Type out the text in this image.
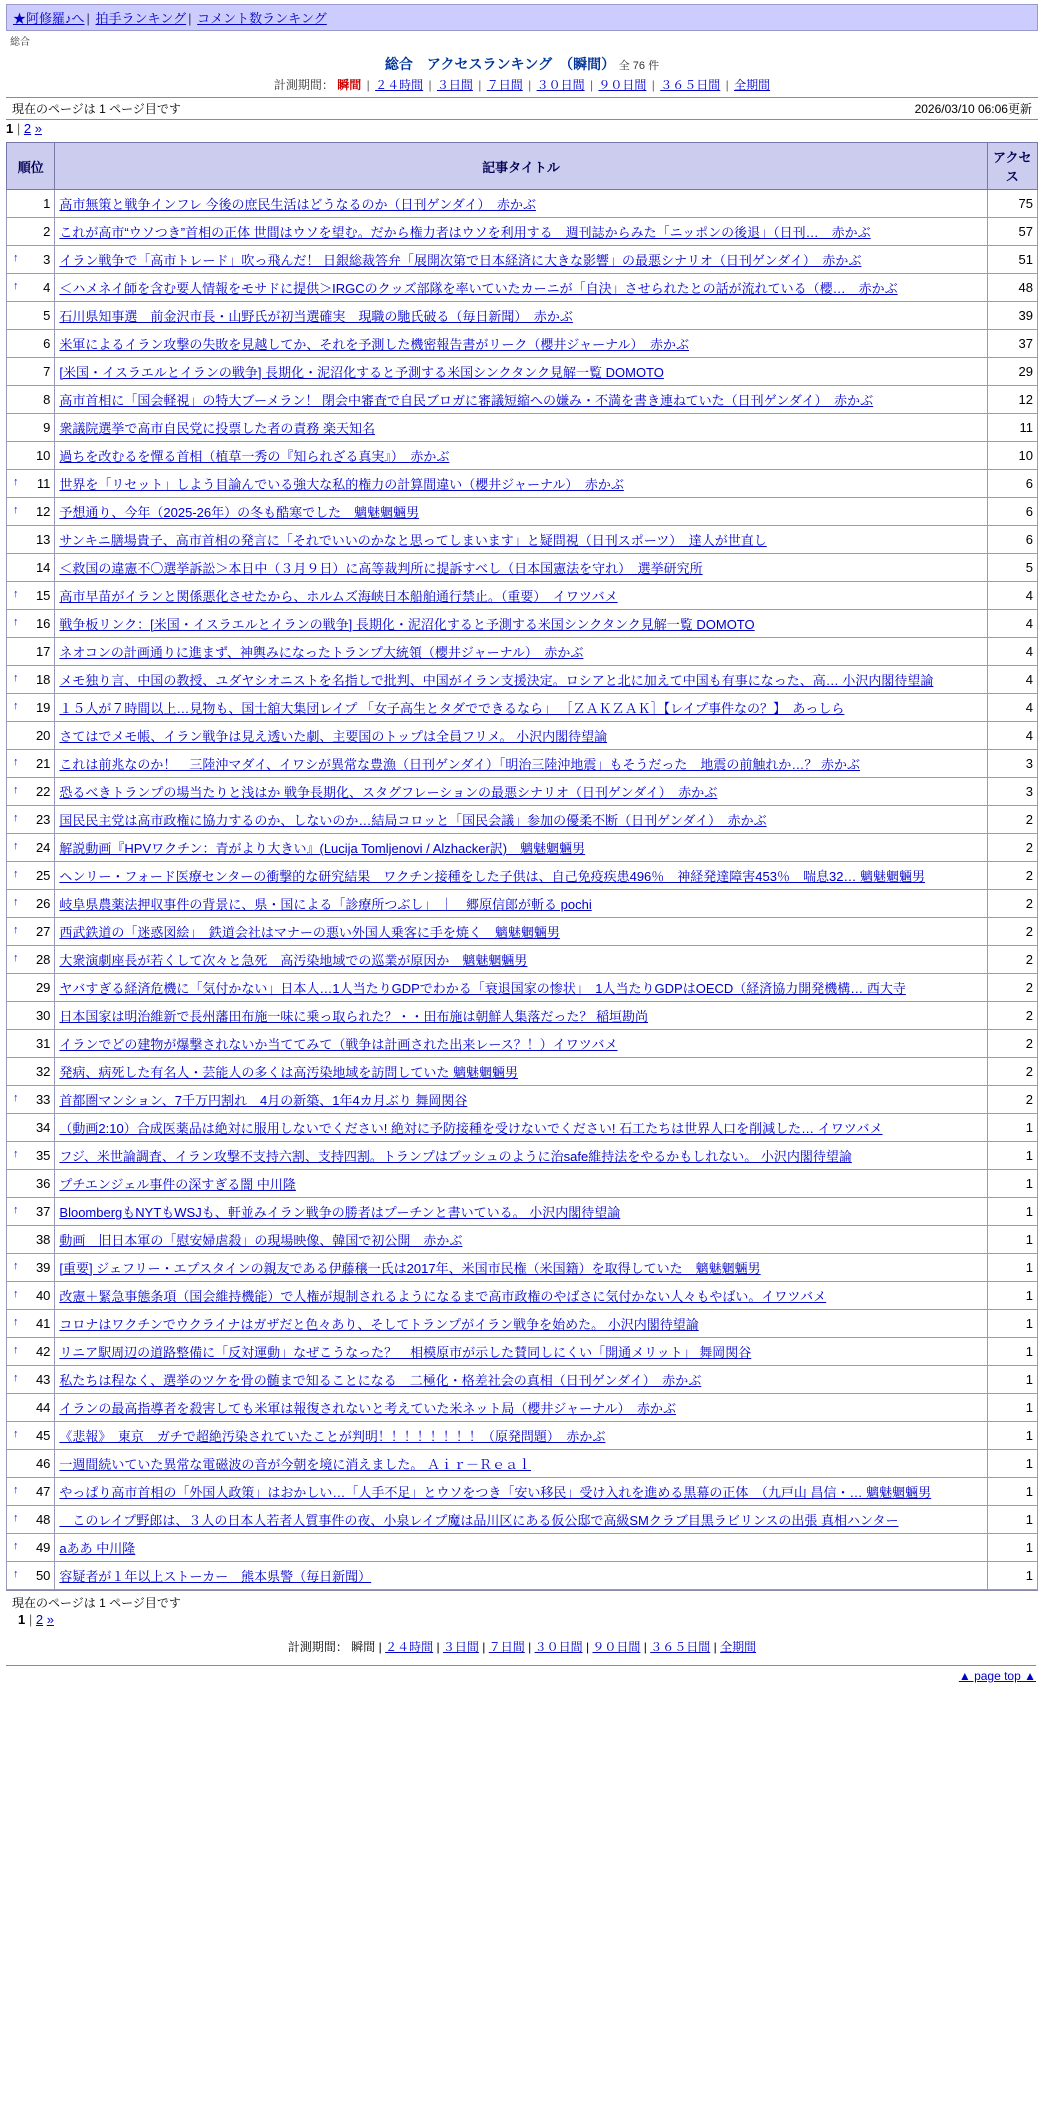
★阿修羅♪へ | 拍手ランキング | コメント数ランキング
総合
総合　アクセスランキング　（瞬間） 全 76 件
計測期間： 瞬間 | ２４時間 | ３日間 | ７日間 | ３０日間 | ９０日間 | ３６５日間 | 全期間
現在のページは 1 ページ目です	2026/03/10 06:06更新
1 | 2 »
順位	記事タイトル	アクセス
1	高市無策と戦争インフレ 今後の庶民生活はどうなるのか（日刊ゲンダイ）　赤かぶ	75
2	これが高市“ウソつき”首相の正体 世間はウソを望む。だから権力者はウソを利用する　週刊誌からみた「ニッポンの後退」（日刊…　赤かぶ	57

↑ 3	イラン戦争で「高市トレード」吹っ飛んだ！ 日銀総裁答弁「展開次第で日本経済に大きな影響」の最悪シナリオ（日刊ゲンダイ）　赤かぶ	51

↑ 4	＜ハメネイ師を含む要人情報をモサドに提供＞IRGCのクッズ部隊を率いていたカーニが「自決」させられたとの話が流れている（櫻…　赤かぶ	48
5	石川県知事選　前金沢市長・山野氏が初当選確実　現職の馳氏破る（毎日新聞）　赤かぶ	39
6	米軍によるイラン攻撃の失敗を見越してか、それを予測した機密報告書がリーク（櫻井ジャーナル）　赤かぶ	37
7	[米国・イスラエルとイランの戦争] 長期化・泥沼化すると予測する米国シンクタンク見解一覧 DOMOTO	29
8	高市首相に「国会軽視」の特大ブーメラン！ 閉会中審査で自民ブロガに審議短縮への嫌み・不満を書き連ねていた（日刊ゲンダイ）　赤かぶ	12
9	衆議院選挙で高市自民党に投票した者の責務 楽天知名	11
10	過ちを改むるを憚る首相（植草一秀の『知られざる真実』）　赤かぶ	10

↑ 11	世界を「リセット」しよう目論んでいる強大な私的権力の計算間違い（櫻井ジャーナル）　赤かぶ	6

↑ 12	予想通り、今年（2025-26年）の冬も酷寒でした　魑魅魍魎男	6
13	サンキニ膳場貴子、高市首相の発言に「それでいいのかなと思ってしまいます」と疑問視（日刊スポーツ）　達人が世直し	6
14	＜救国の違憲不〇選挙訴訟＞本日中（３月９日）に高等裁判所に提訴すべし（日本国憲法を守れ）　選挙研究所	5

↑ 15	高市早苗がイランと関係悪化させたから、ホルムズ海峡日本船舶通行禁止。（重要）　イワツバメ	4

↑ 16	戦争板リンク：[米国・イスラエルとイランの戦争] 長期化・泥沼化すると予測する米国シンクタンク見解一覧 DOMOTO	4
17	ネオコンの計画通りに進まず、神輿みになったトランプ大統領（櫻井ジャーナル）　赤かぶ	4

↑ 18	メモ独り言、中国の教授、ユダヤシオニストを名指しで批判、中国がイラン支援決定。ロシアと北に加えて中国も有事になった、高… 小沢内閣待望論	4

↑ 19	１５人が７時間以上…見物も、国士舘大集団レイプ 「女子高生とタダでできるなら」 ［ＺＡＫＺＡＫ］【レイプ事件なの？】　あっしら	4
20	さてはでメモ帳、イラン戦争は見え透いた劇、主要国のトップは全員フリメ。 小沢内閣待望論	4

↑ 21	これは前兆なのか！　三陸沖マダイ、イワシが異常な豊漁（日刊ゲンダイ）「明治三陸沖地震」もそうだった　地震の前触れか…？ 赤かぶ	3

↑ 22	恐るべきトランプの場当たりと浅はか 戦争長期化、スタグフレーションの最悪シナリオ（日刊ゲンダイ）　赤かぶ	3

↑ 23	国民民主党は高市政権に協力するのか、しないのか…結局コロッと「国民会議」参加の優柔不断（日刊ゲンダイ）　赤かぶ	2

↑ 24	解説動画『HPVワクチン：青がより大きい』(Lucija Tomljenovi / Alzhacker訳)　魑魅魍魎男	2

↑ 25	ヘンリー・フォード医療センターの衝撃的な研究結果　ワクチン接種をした子供は、自己免疫疾患496％　神経発達障害453％　喘息32… 魑魅魍魎男	2

↑ 26	岐阜県農薬法押収事件の背景に、県・国による「診療所つぶし」 ｜　郷原信郎が斬る pochi	2

↑ 27	西武鉄道の「迷惑図絵」　鉄道会社はマナーの悪い外国人乗客に手を焼く　魑魅魍魎男	2

↑ 28	大衆演劇座長が若くして次々と急死　高汚染地域での巡業が原因か　魑魅魍魎男	2
29	ヤバすぎる経済危機に「気付かない」日本人…1人当たりGDPでわかる「衰退国家の惨状」　1人当たりGDPはOECD（経済協力開発機構… 西大寺	2
30	日本国家は明治維新で長州藩田布施一味に乗っ取られた？・・田布施は朝鮮人集落だった？ 稲垣勘尚	2
31	イランでどの建物が爆撃されないか当ててみて（戦争は計画された出来レース？！）イワツバメ	2
32	発病、病死した有名人・芸能人の多くは高汚染地域を訪問していた 魑魅魍魎男	2

↑ 33	首都圏マンション、7千万円割れ　4月の新築、1年4カ月ぶり 舞岡関谷	2
34	（動画2:10）合成医薬品は絶対に服用しないでください! 絶対に予防接種を受けないでください! 石工たちは世界人口を削減した… イワツバメ	1

↑ 35	フジ、米世論調査、イラン攻撃不支持六割、支持四割。トランプはブッシュのように治safe維持法をやるかもしれない。 小沢内閣待望論	1
36	プチエンジェル事件の深すぎる闇 中川隆	1

↑ 37	BloombergもNYTもWSJも、軒並みイラン戦争の勝者はプーチンと書いている。 小沢内閣待望論	1
38	動画　旧日本軍の「慰安婦虐殺」の現場映像、韓国で初公開　赤かぶ	1

↑ 39	[重要] ジェフリー・エプスタインの親友である伊藤穣一氏は2017年、米国市民権（米国籍）を取得していた　魑魅魍魎男	1

↑ 40	改憲＋緊急事態条項（国会維持機能）で人権が規制されるようになるまで高市政権のやばさに気付かない人々もやばい。イワツバメ	1

↑ 41	コロナはワクチンでウクライナはガザだと色々あり、そしてトランプがイラン戦争を始めた。 小沢内閣待望論	1

↑ 42	リニア駅周辺の道路整備に「反対運動」なぜこうなった？　相模原市が示した賛同しにくい「開通メリット」 舞岡関谷	1

↑ 43	私たちは程なく、選挙のツケを骨の髄まで知ることになる　二極化・格差社会の真相（日刊ゲンダイ）　赤かぶ	1
44	イランの最高指導者を殺害しても米軍は報復されないと考えていた米ネット局（櫻井ジャーナル）　赤かぶ	1

↑ 45	《悲報》　東京　ガチで超絶汚染されていたことが判明！！！！！！！！（原発問題）　赤かぶ	1
46	一週間続いていた異常な電磁波の音が今朝を境に消えました。 Ａｉｒ－Ｒｅａｌ	1

↑ 47	やっぱり高市首相の「外国人政策」はおかしい…「人手不足」とウソをつき「安い移民」受け入れを進める黒幕の正体　（九戸山 昌信・… 魑魅魍魎男	1

↑ 48	　このレイプ野郎は、３人の日本人若者人質事件の夜、小泉レイプ魔は品川区にある仮公邸で高級SMクラブ目黒ラビリンスの出張 真相ハンター	1

↑ 49	aああ 中川隆	1

↑ 50	容疑者が１年以上ストーカー　熊本県警（毎日新聞）	1
現在のページは 1 ページ目です
1 | 2 »
計測期間： 瞬間 | ２４時間 | ３日間 | ７日間 | ３０日間 | ９０日間 | ３６５日間 | 全期間
▲ page top ▲
